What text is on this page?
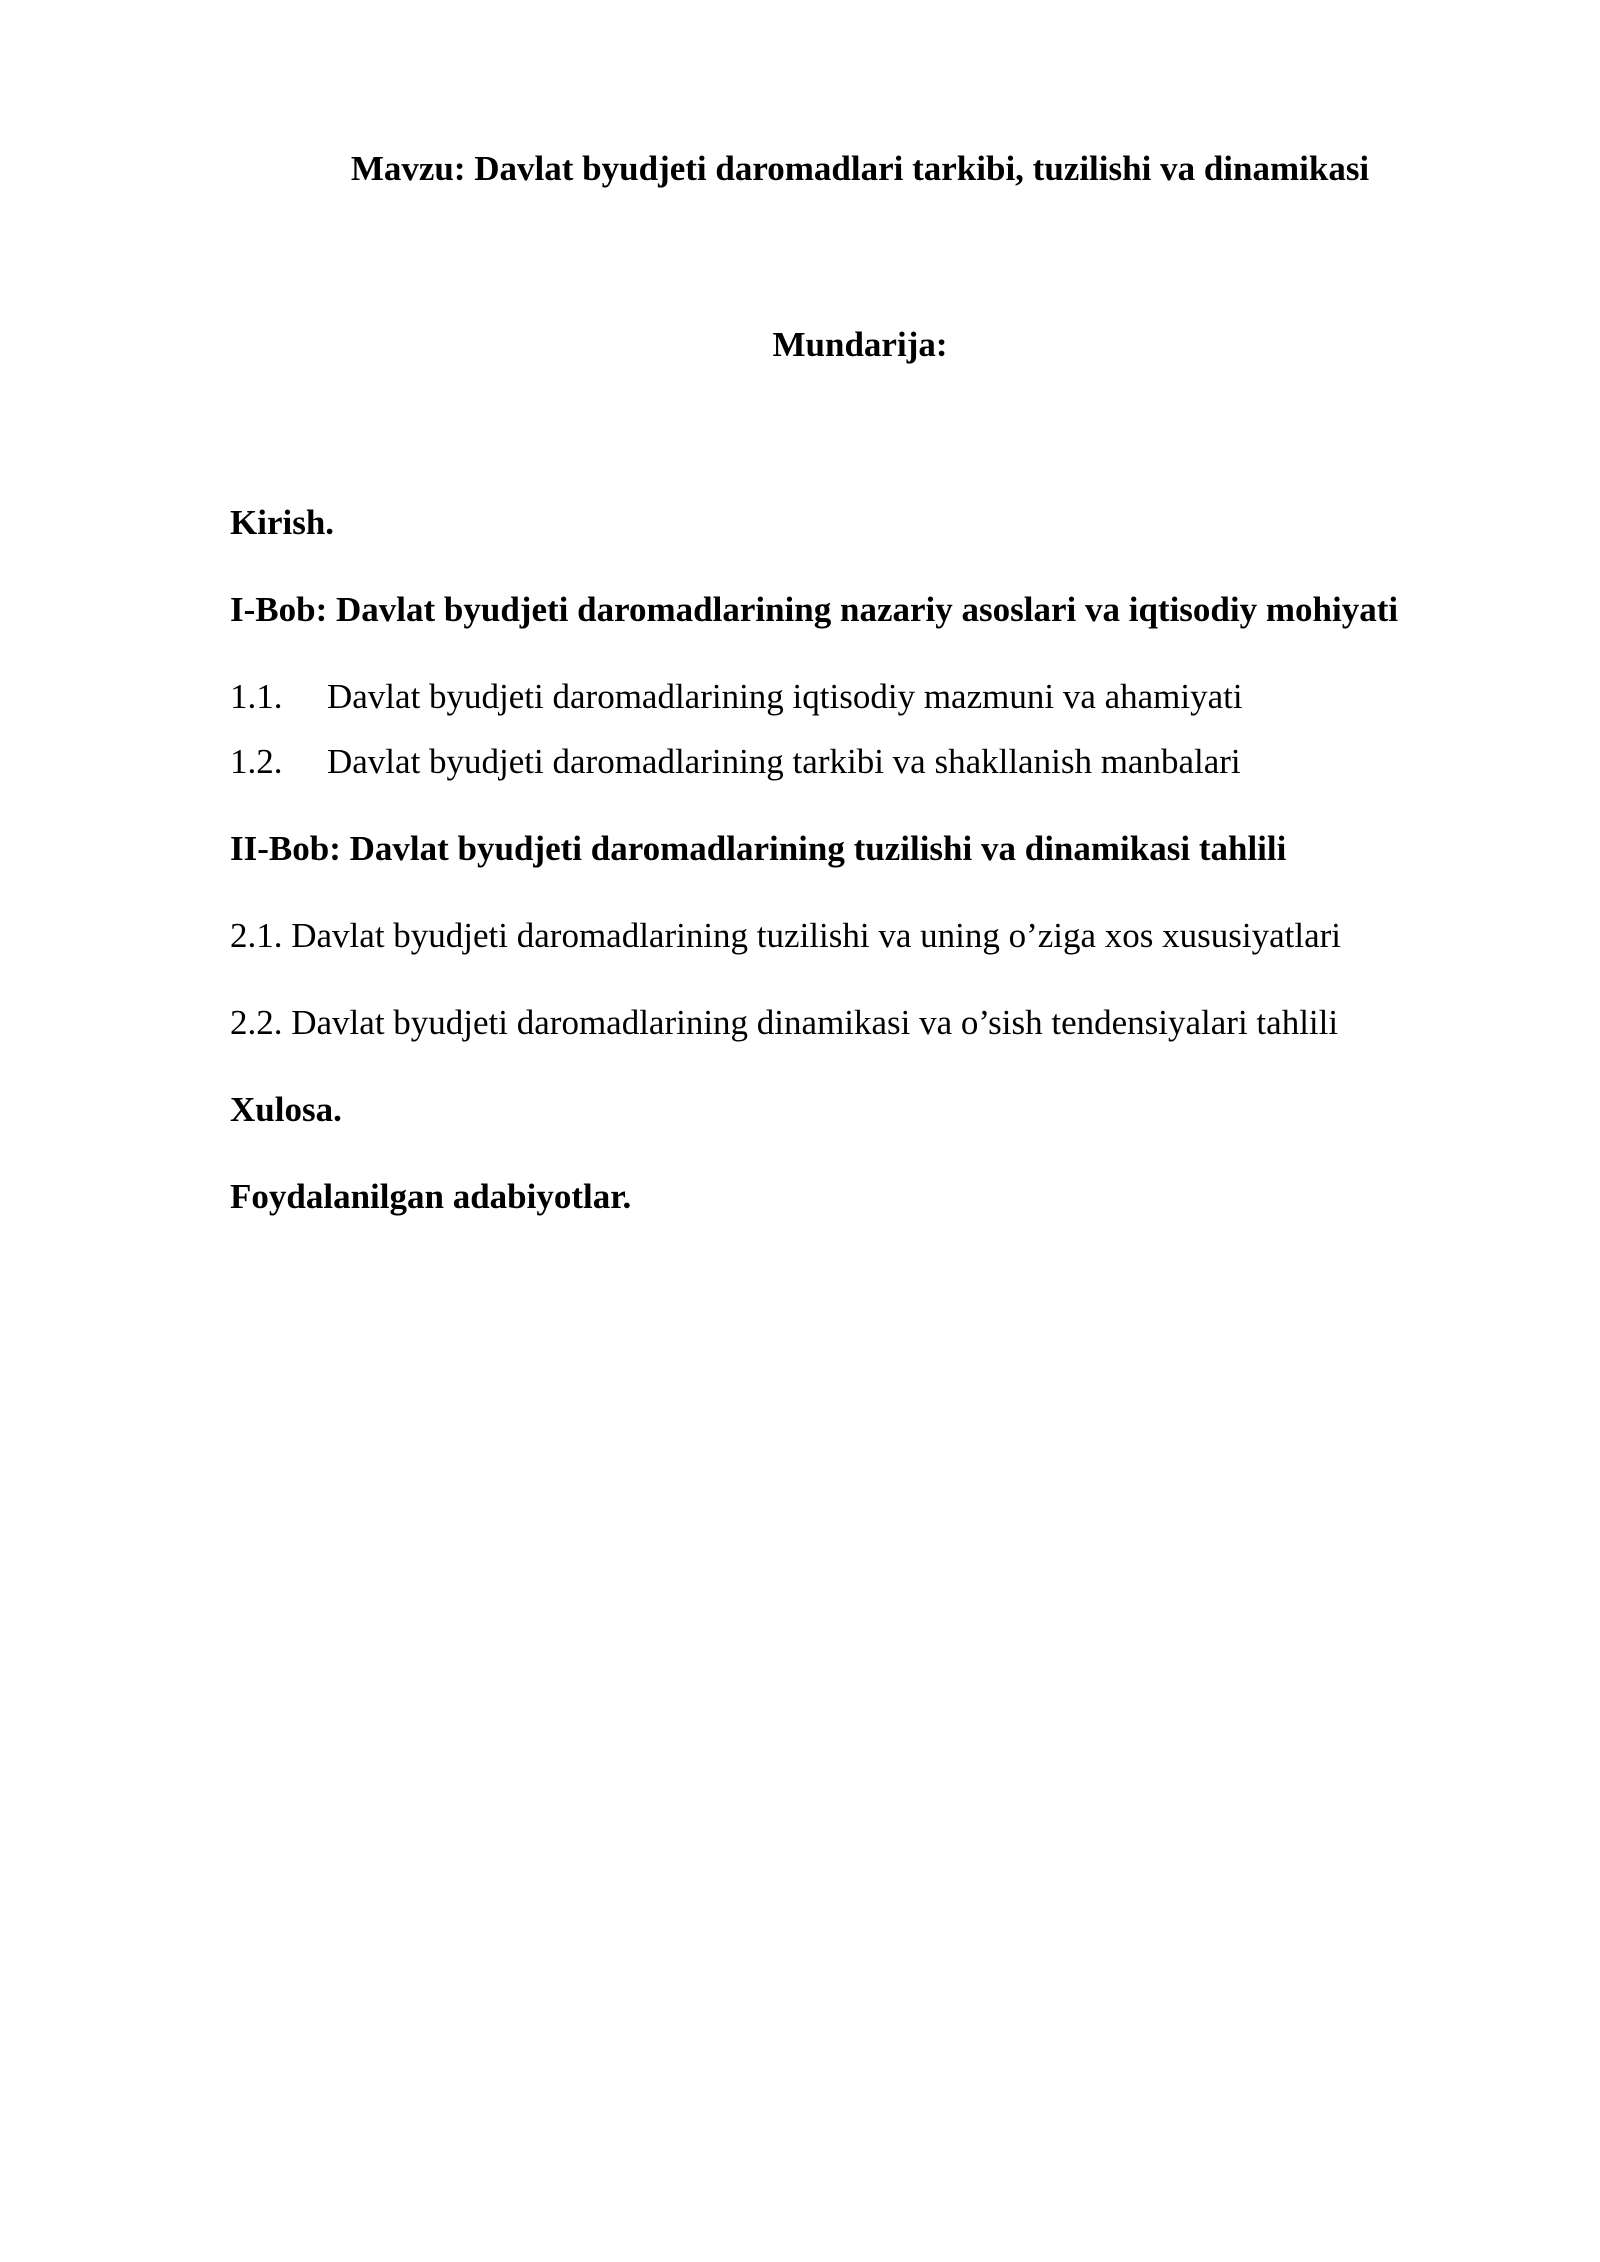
Mavzu: Davlat byudjeti daromadlari tarkibi, tuzilishi va dinamikasi
Mundarija:
Kirish.
I-Bob: Davlat byudjeti daromadlarining nazariy asoslari va iqtisodiy mohiyati
1.1. Davlat byudjeti daromadlarining iqtisodiy mazmuni va ahamiyati
1.2. Davlat byudjeti daromadlarining tarkibi va shakllanish manbalari
II-Bob: Davlat byudjeti daromadlarining tuzilishi va dinamikasi tahlili
2.1. Davlat byudjeti daromadlarining tuzilishi va uning o’ziga xos xususiyatlari
2.2. Davlat byudjeti daromadlarining dinamikasi va o’sish tendensiyalari tahlili
Xulosa.
Foydalanilgan adabiyotlar.
